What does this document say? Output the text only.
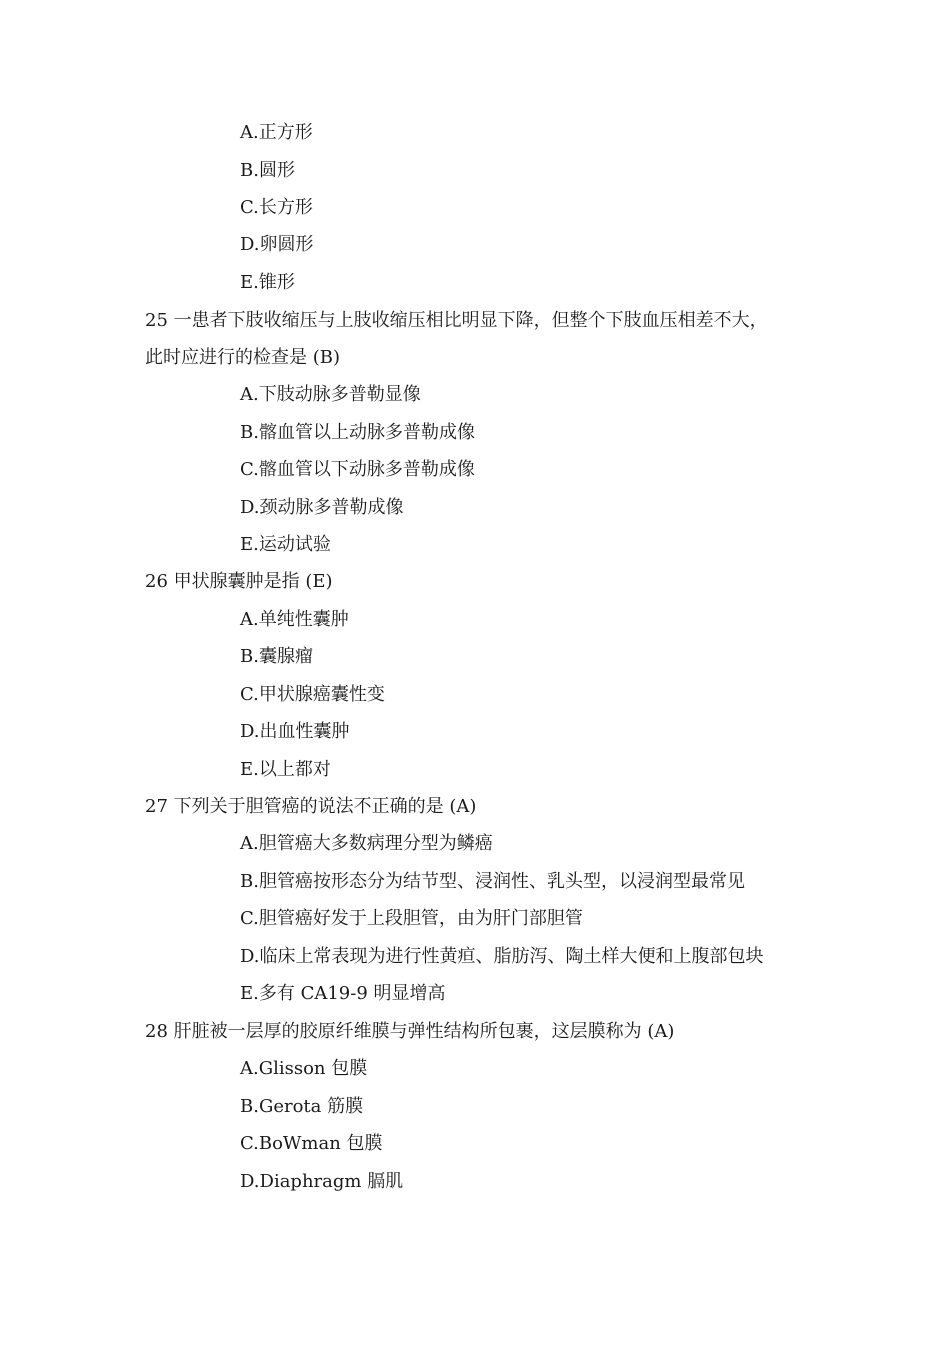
A.正方形
B.圆形
C.长方形
D.卵圆形
E.锥形
25 一患者下肢收缩压与上肢收缩压相比明显下降，但整个下肢血压相差不大，
此时应进行的检查是 (B)
A.下肢动脉多普勒显像
B.髂血管以上动脉多普勒成像
C.髂血管以下动脉多普勒成像
D.颈动脉多普勒成像
E.运动试验
26 甲状腺囊肿是指 (E)
A.单纯性囊肿
B.囊腺瘤
C.甲状腺癌囊性变
D.出血性囊肿
E.以上都对
27 下列关于胆管癌的说法不正确的是 (A)
A.胆管癌大多数病理分型为鳞癌
B.胆管癌按形态分为结节型、浸润性、乳头型，以浸润型最常见
C.胆管癌好发于上段胆管，由为肝门部胆管
D.临床上常表现为进行性黄疸、脂肪泻、陶土样大便和上腹部包块
E.多有 CA19-9 明显增高
28 肝脏被一层厚的胶原纤维膜与弹性结构所包裹，这层膜称为 (A)
A.Glisson 包膜
B.Gerota 筋膜
C.BoWman 包膜
D.Diaphragm 膈肌
